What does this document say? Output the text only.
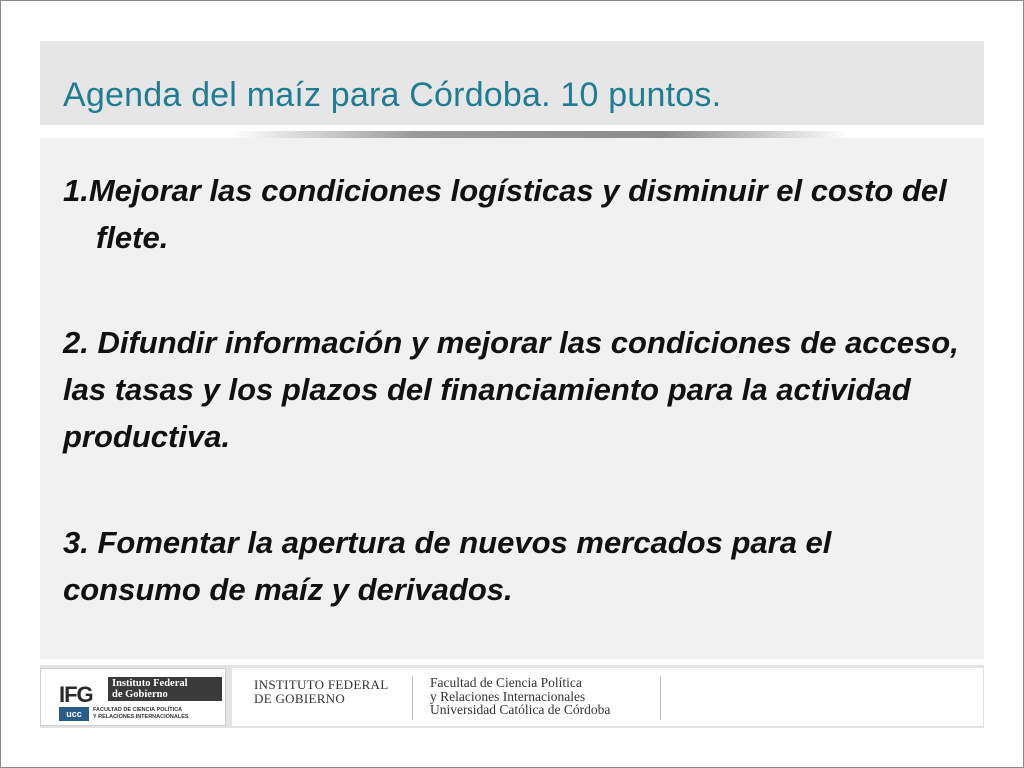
Agenda del maíz para Córdoba. 10 puntos.

1.Mejorar las condiciones logísticas y disminuir el costo del flete.

2. Difundir información y mejorar las condiciones de acceso, las tasas y los plazos del financiamiento para la actividad productiva.

3. Fomentar la apertura de nuevos mercados para el consumo de maíz y derivados.

IFG Instituto Federal
de Gobierno
ucc	FACULTAD DE CIENCIA POLÍTICA
Y RELACIONES INTERNACIONALES
INSTITUTO FEDERAL
DE GOBIERNO
Facultad de Ciencia Política
y Relaciones Internacionales
Universidad Católica de Córdoba
